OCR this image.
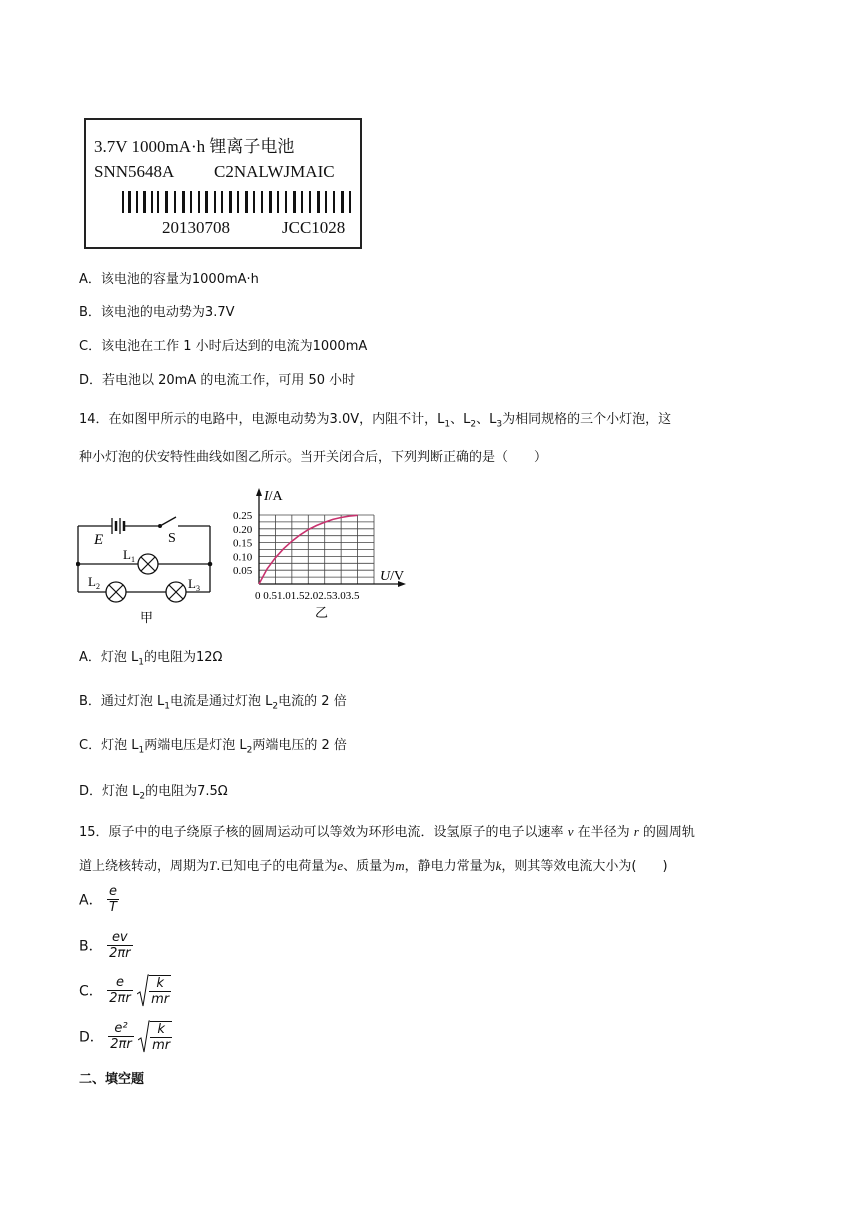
3.7V 1000mA·h 锂离子电池
SNN5648A C2NALWJMAIC
20130708	JCC1028
A．该电池的容量为1000mA·h
B．该电池的电动势为3.7V
C．该电池在工作 1 小时后达到的电流为1000mA
D．若电池以 20mA 的电流工作，可用 50 小时
14．在如图甲所示的电路中，电源电动势为3.0V，内阻不计，$L_1$、$L_2$、$L_3$为相同规格的三个小灯泡，这
种小灯泡的伏安特性曲线如图乙所示。当开关闭合后，下列判断正确的是（　　）
E	S
$L_1$
$L_2$	$L_3$
甲
I/A
U/V
0.25
0.20
0.15
0.10
0.05
0 0.51.01.52.02.53.03.5
乙
A．灯泡 $L_1$的电阻为12Ω
B．通过灯泡 $L_1$电流是通过灯泡 $L_2$电流的 2 倍
C．灯泡 $L_1$两端电压是灯泡 $L_2$两端电压的 2 倍
D．灯泡 $L_2$的电阻为7.5Ω
15．原子中的电子绕原子核的圆周运动可以等效为环形电流．设氢原子的电子以速率 v 在半径为 r 的圆周轨
道上绕核转动，周期为T.已知电子的电荷量为e、质量为m，静电力常量为k，则其等效电流大小为(　　)
A． $\frac{e}{T}$
B． $\frac{ev}{2\pi r}$
C． $\frac{e}{2\pi r}$
$\frac{k}{mr}$
D． $\frac{\text{e²}}{2\pi r}$
$\frac{k}{mr}$
二、填空题
